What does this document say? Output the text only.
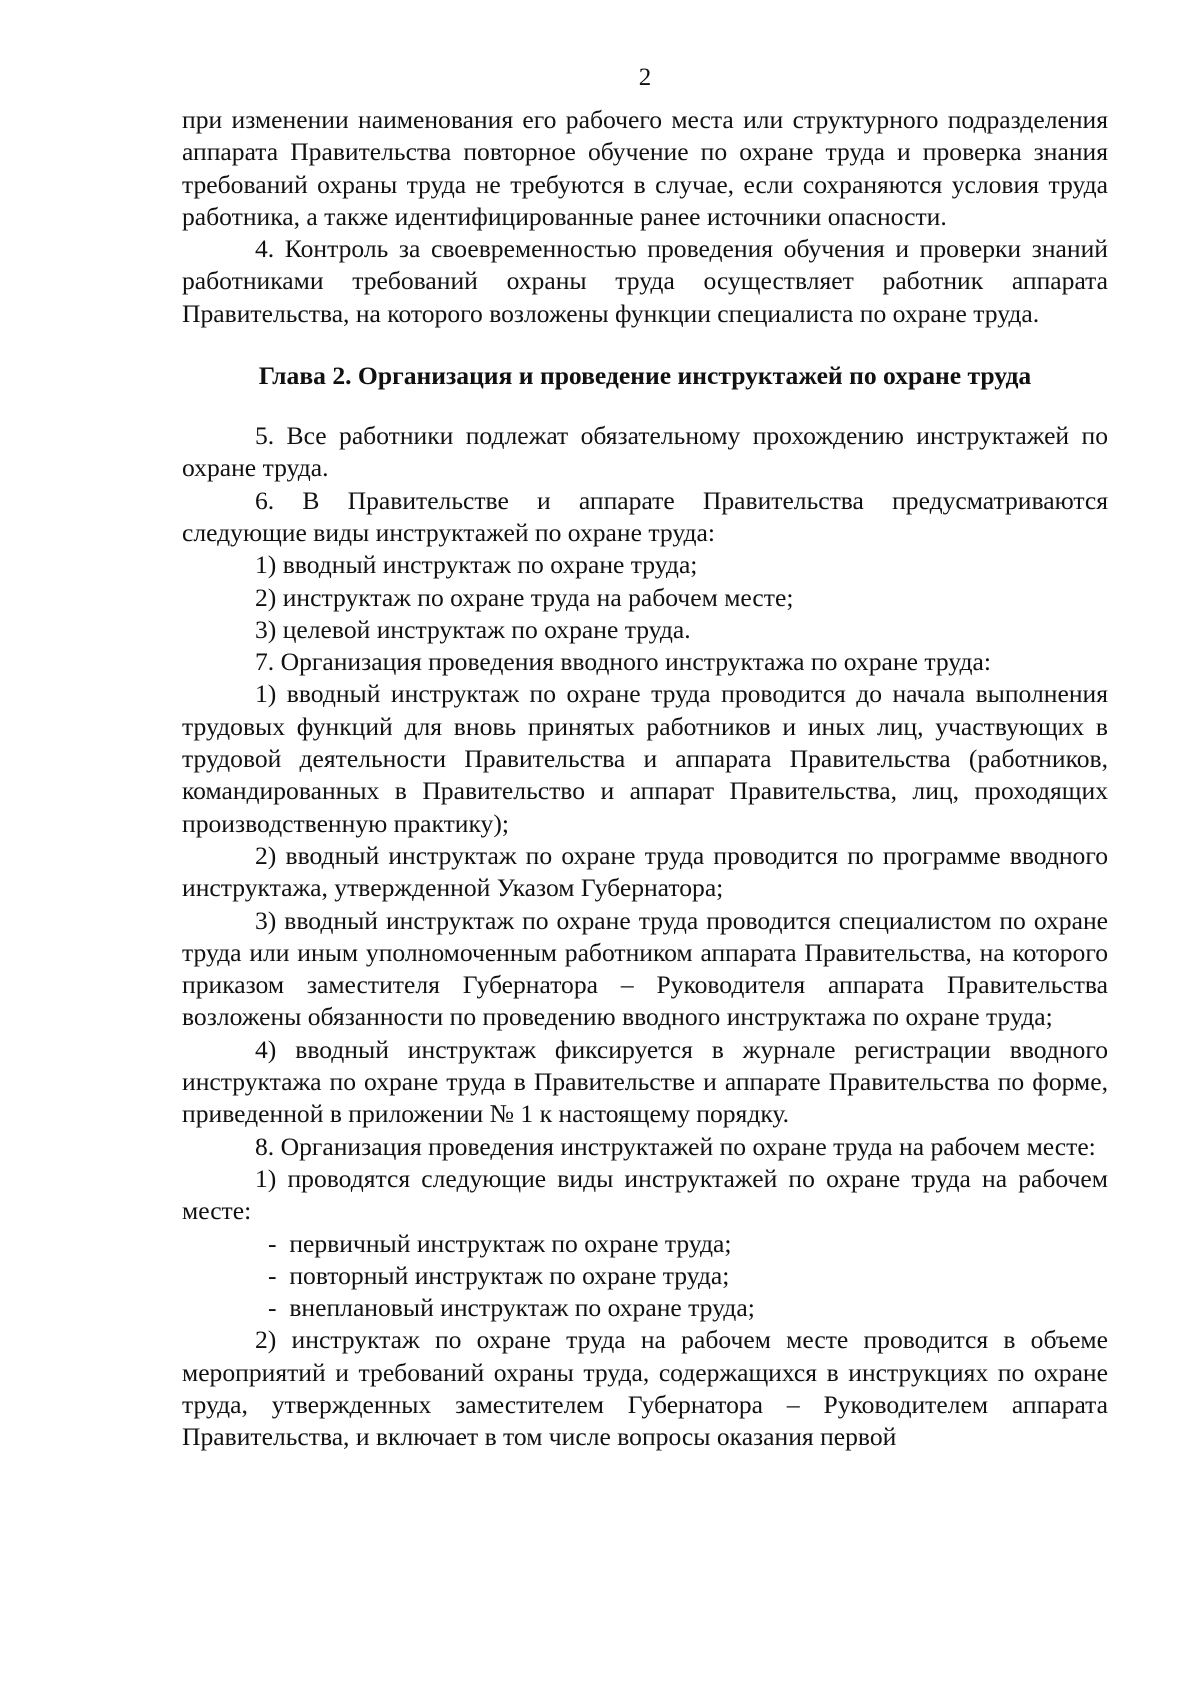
2

при изменении наименования его рабочего места или структурного подразделения аппарата Правительства повторное обучение по охране труда и проверка знания требований охраны труда не требуются в случае, если сохраняются условия труда работника, а также идентифицированные ранее источники опасности.

4. Контроль за своевременностью проведения обучения и проверки знаний работниками требований охраны труда осуществляет работник аппарата Правительства, на которого возложены функции специалиста по охране труда.

Глава 2. Организация и проведение инструктажей по охране труда

5. Все работники подлежат обязательному прохождению инструктажей по охране труда.

6. В Правительстве и аппарате Правительства предусматриваются следующие виды инструктажей по охране труда:

1) вводный инструктаж по охране труда;

2) инструктаж по охране труда на рабочем месте;

3) целевой инструктаж по охране труда.

7. Организация проведения вводного инструктажа по охране труда:

1) вводный инструктаж по охране труда проводится до начала выполнения трудовых функций для вновь принятых работников и иных лиц, участвующих в трудовой деятельности Правительства и аппарата Правительства (работников, командированных в Правительство и аппарат Правительства, лиц, проходящих производственную практику);

2) вводный инструктаж по охране труда проводится по программе вводного инструктажа, утвержденной Указом Губернатора;

3) вводный инструктаж по охране труда проводится специалистом по охране труда или иным уполномоченным работником аппарата Правительства, на которого приказом заместителя Губернатора – Руководителя аппарата Правительства возложены обязанности по проведению вводного инструктажа по охране труда;

4) вводный инструктаж фиксируется в журнале регистрации вводного инструктажа по охране труда в Правительстве и аппарате Правительства по форме, приведенной в приложении № 1 к настоящему порядку.

8. Организация проведения инструктажей по охране труда на рабочем месте:

1) проводятся следующие виды инструктажей по охране труда на рабочем месте:

-  первичный инструктаж по охране труда;

-  повторный инструктаж по охране труда;

-  внеплановый инструктаж по охране труда;

2) инструктаж по охране труда на рабочем месте проводится в объеме мероприятий и требований охраны труда, содержащихся в инструкциях по охране труда, утвержденных заместителем Губернатора – Руководителем аппарата Правительства, и включает в том числе вопросы оказания первой
